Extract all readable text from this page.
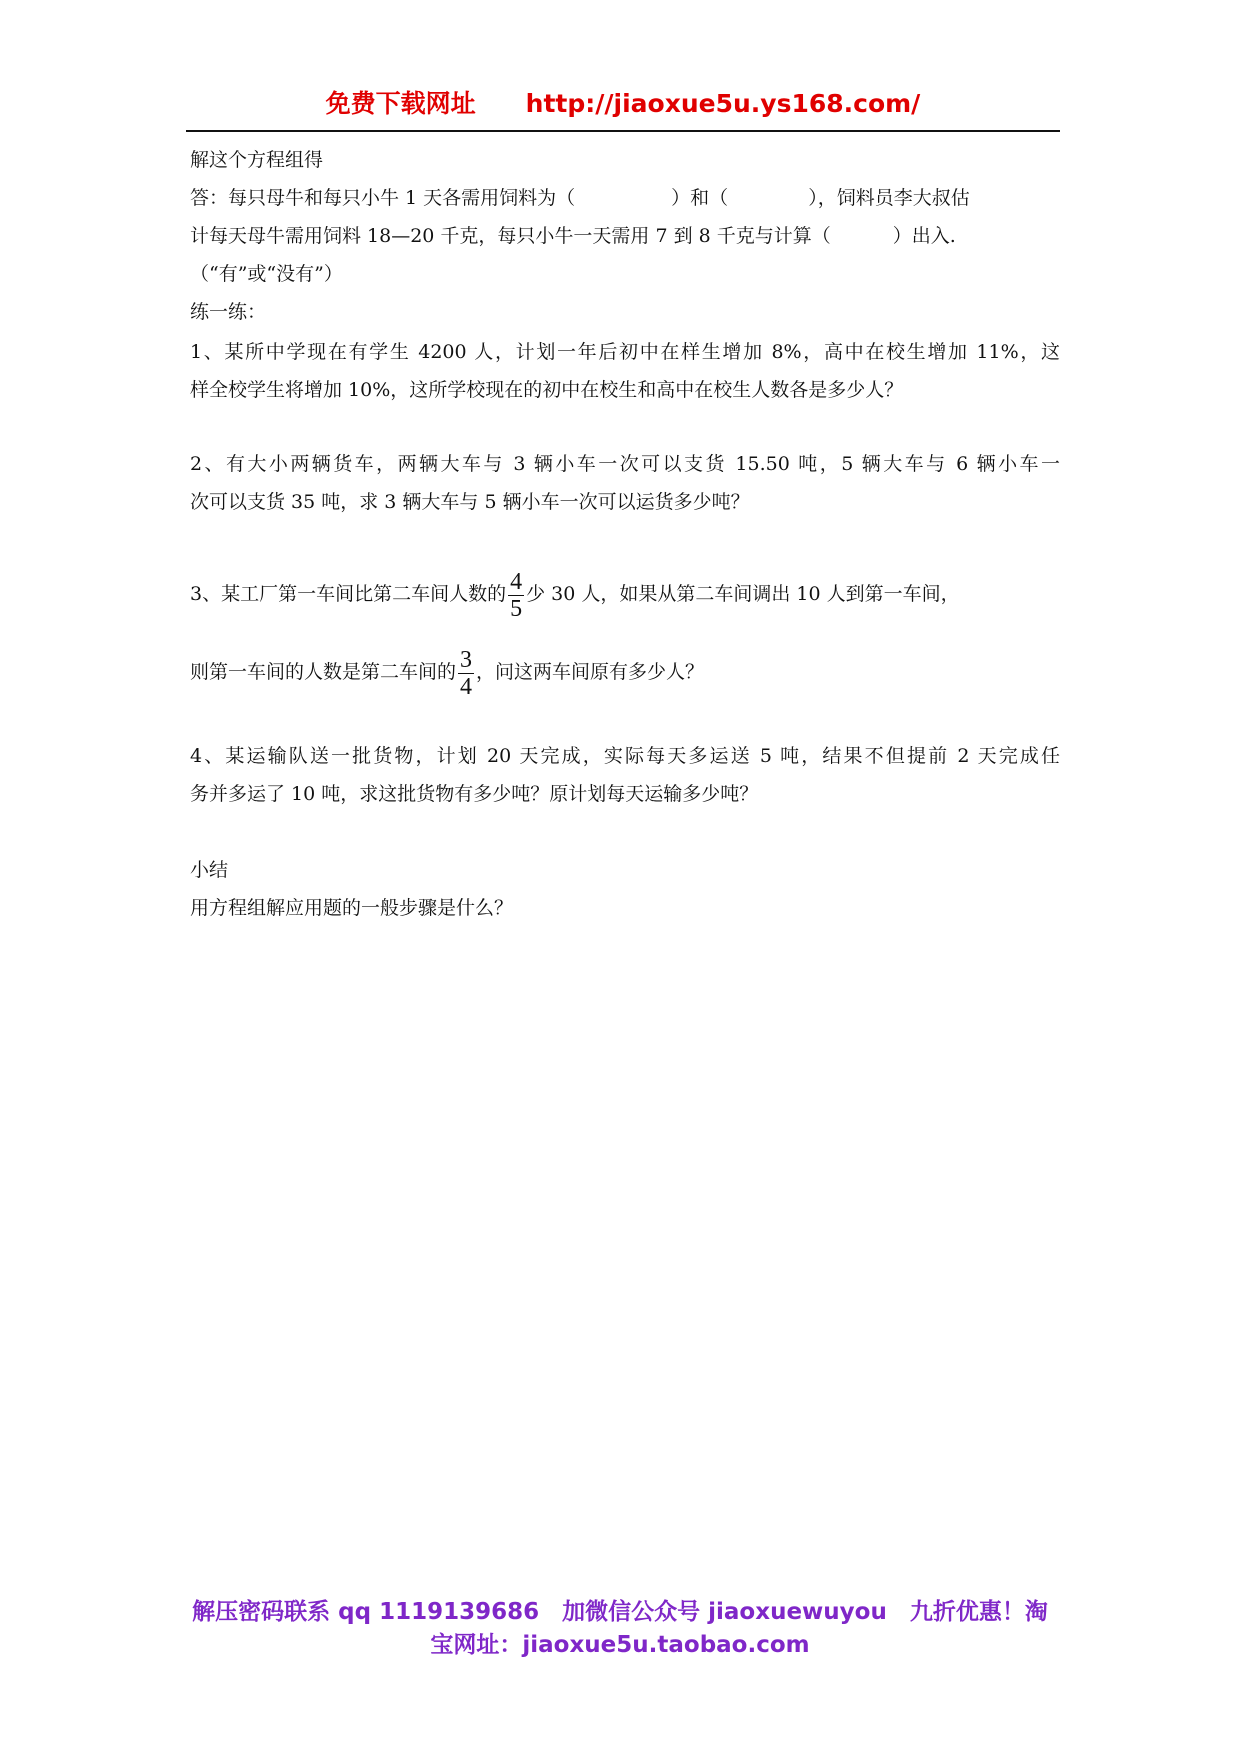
免费下载网址 http://jiaoxue5u.ys168.com/
解这个方程组得
答：每只母牛和每只小牛 1 天各需用饲料为（	）和（	），饲料员李大叔估
计每天母牛需用饲料 18—20 千克，每只小牛一天需用 7 到 8 千克与计算（	）出入.
（“有”或“没有”）
练一练：
1、某所中学现在有学生 4200 人，计划一年后初中在样生增加 8%，高中在校生增加 11%，这
样全校学生将增加 10%，这所学校现在的初中在校生和高中在校生人数各是多少人？
2、有大小两辆货车，两辆大车与 3 辆小车一次可以支货 15.50 吨，5 辆大车与 6 辆小车一
次可以支货 35 吨，求 3 辆大车与 5 辆小车一次可以运货多少吨？
3、某工厂第一车间比第二车间人数的 $\frac{4}{5}$ 少 30 人，如果从第二车间调出 10 人到第一车间，
则第一车间的人数是第二车间的 $\frac{3}{4}$ ，问这两车间原有多少人？
4、某运输队送一批货物，计划 20 天完成，实际每天多运送 5 吨，结果不但提前 2 天完成任
务并多运了 10 吨，求这批货物有多少吨？原计划每天运输多少吨？
小结
用方程组解应用题的一般步骤是什么？
解压密码联系 qq 1119139686　加微信公众号 jiaoxuewuyou　九折优惠！淘
宝网址：jiaoxue5u.taobao.com
